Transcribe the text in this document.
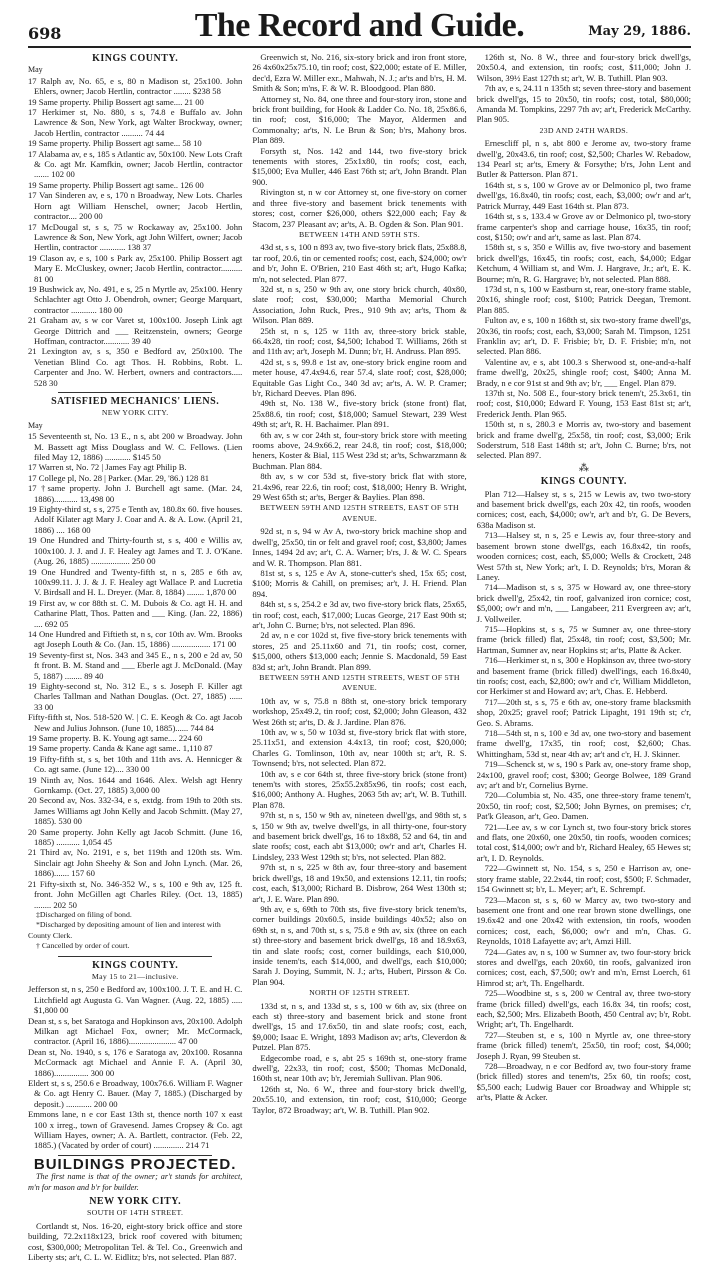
698	The Record and Guide.	May 29, 1886.
KINGS COUNTY.

May

17 Ralph av, No. 65, e s, 80 n Madison st, 25x100. John Ehlers, owner; Jacob Hertlin, contractor ........ $238 58

19 Same property. Philip Bossert agt same.... 21 00

17 Herkimer st, No. 880, s s, 74.8 e Buffalo av. John Lawrence & Son, New York, agt Walter Brockway, owner; Jacob Hertlin, contractor .......... 74 44

19 Same property. Philip Bossert agt same... 58 10

17 Alabama av, e s, 185 s Atlantic av, 50x100. New Lots Craft & Co. agt Mr. Kamfkin, owner; Jacob Hertlin, contractor ....... 102 00

19 Same property. Philip Bossert agt same.. 126 00

17 Van Sinderen av, e s, 170 n Broadway, New Lots. Charles Horn agt William Henschel, owner; Jacob Hertlin, contractor.... 200 00

17 McDougal st, s s, 75 w Rockaway av, 25x100. John Lawrence & Son, New York, agt John Wilfert, owner; Jacob Hertlin, contractor ............ 138 37

19 Clason av, e s, 100 s Park av, 25x100. Philip Bossert agt Mary E. McCluskey, owner; Jacob Hertlin, contractor.......... 81 00

19 Bushwick av, No. 491, e s, 25 n Myrtle av, 25x100. Henry Schlachter agt Otto J. Obendroh, owner; George Marquart, contractor ............ 180 00

21 Graham av, s w cor Varet st, 100x100. Joseph Link agt George Dittrich and ___ Reitzenstein, owners; George Hoffman, contractor............ 39 40

21 Lexington av, s s, 350 e Bedford av, 250x100. The Venetian Blind Co. agt Thos. H. Robbins, Robt. L. Carpenter and Jno. W. Herbert, owners and contractors..... 528 30

SATISFIED MECHANICS' LIENS.
NEW YORK CITY.

May

15 Seventeenth st, No. 13 E., n s, abt 200 w Broadway. John M. Bassett agt Miss Douglass and W. C. Fellows. (Lien filed May 12, 1886) ............ $145 50

17 Warren st, No. 72 | James Fay agt Philip B.

17 College pl, No. 28 | Parker. (Mar. 29, '86.) 128 81

17 †same property. John J. Burchell agt same. (Mar. 24, 1886)........... 13,498 00

19 Eighty-third st, s s, 275 e Tenth av, 180.8x 60. five houses. Adolf Kilater agt Mary J. Coar and A. & A. Low. (April 21, 1886) .... 168 00

19 One Hundred and Thirty-fourth st, s s, 400 e Willis av, 100x100. J. J. and J. F. Healey agt James and T. J. O'Kane. (Aug. 26, 1885) .................. 250 00

19 One Hundred and Twenty-fifth st, n s, 285 e 6th av, 100x99.11. J. J. & J. F. Healey agt Wallace P. and Lucretia V. Birdsall and H. L. Dreyer. (Mar. 8, 1884) ........ 1,870 00

19 First av, w cor 88th st. C. M. Dubois & Co. agt H. H. and Catharine Platt, Thos. Patten and ___ King. (Jan. 22, 1886) .... 692 05

14 One Hundred and Fiftieth st, n s, cor 10th av. Wm. Brooks agt Joseph Louth & Co. (Jan. 15, 1886) .................. 171 00

19 Seventy-first st, Nos. 343 and 345 E., n s, 200 e 2d av, 50 ft front. B. M. Stand and ___ Eberle agt J. McDonald. (May 5, 1887) ........ 89 40

19 Eighty-second st, No. 312 E., s s. Joseph F. Killer agt Charles Tallman and Nathan Douglas. (Oct. 27, 1885) ...... 33 00

Fifty-fifth st, Nos. 518-520 W. | C. E. Keogh & Co. agt Jacob New and Julius Johnson. (June 10, 1885)...... 744 84

19 Same property. B. K. Young agt same.... 224 60

19 Same property. Canda & Kane agt same.. 1,110 87

19 Fifty-fifth st, s s, bet 10th and 11th avs. A. Hennicger & Co. agt same. (June 12).... 330 00

19 Ninth av, Nos. 1644 and 1646. Alex. Welsh agt Henry Gornkamp. (Oct. 27, 1885) 3,000 00

20 Second av, Nos. 332-34, e s, extdg. from 19th to 20th sts. James Williams agt John Kelly and Jacob Schmitt. (May 27, 1885). 530 00

20 Same property. John Kelly agt Jacob Schmitt. (June 16, 1885) ........... 1,054 45

21 Third av, No. 2191, e s, bet 119th and 120th sts. Wm. Sinclair agt John Sheehy & Son and John Lynch. (Mar. 26, 1886)....... 157 60

21 Fifty-sixth st, No. 346-352 W., s s, 100 e 9th av, 125 ft. front. John McGillen agt Charles Riley. (Oct. 13, 1885) ........ 202 50

‡Discharged on filing of bond.

*Discharged by depositing amount of lien and interest with County Clerk.

† Cancelled by order of court.

KINGS COUNTY.
May 15 to 21—inclusive.

Jefferson st, n s, 250 e Bedford av, 100x100. J. T. E. and H. C. Litchfield agt Augusta G. Van Wagner. (Aug. 22, 1885) ..... $1,800 00

Dean st, s s, bet Saratoga and Hopkinson avs, 20x100. Adolph Milkan agt Michael Fox, owner; Mr. McCormack, contractor. (April 16, 1886)...................... 47 00

Dean st, No. 1940, s s, 176 e Saratoga av, 20x100. Rosanna McCormack agt Michael and Annie F. A. (April 30, 1886)................ 300 00

Eldert st, s s, 250.6 e Broadway, 100x76.6. William F. Wagner & Co. agt Henry C. Bauer. (May 7, 1885.) (Discharged by deposit.) ............ 200 00

Emmons lane, n e cor East 13th st, thence north 107 x east 100 x irreg., town of Gravesend. James Cropsey & Co. agt William Hayes, owner; A. A. Bartlett, contractor. (Feb. 22, 1885.) (Vacated by order of court) .............. 214 71

BUILDINGS PROJECTED.

The first name is that of the owner; ar't stands for architect, m'n for mason and b'r for builder.

NEW YORK CITY.
SOUTH OF 14TH STREET.

Cortlandt st, Nos. 16-20, eight-story brick office and store building, 72.2x118x123, brick roof covered with bitumen; cost, $300,000; Metropolitan Tel. & Tel. Co., Greenwich and Liberty sts; ar't, C. L. W. Eidlitz; b'rs, not selected. Plan 887.

Greenwich st, No. 216, six-story brick and iron front store, 26 4x60x25x75.10, tin roof; cost, $22,000; estate of E. Miller, dec'd, Ezra W. Miller exr., Mahwah, N. J.; ar'ts and b'rs, H. M. Smith & Son; m'ns, F. & W. R. Bloodgood. Plan 880.

Attorney st, No. 84, one three and four-story iron, stone and brick front building, for Hook & Ladder Co. No. 18, 25x86.6, tin roof; cost, $16,000; The Mayor, Aldermen and Commonalty; ar'ts, N. Le Brun & Son; b'rs, Mahony bros. Plan 889.

Forsyth st, Nos. 142 and 144, two five-story brick tenements with stores, 25x1x80, tin roofs; cost, each, $15,000; Eva Muller, 446 East 76th st; ar't, John Brandt. Plan 900.

Rivington st, n w cor Attorney st, one five-story on corner and three five-story and basement brick tenements with stores; cost, corner $26,000, others $22,000 each; Fay & Stacom, 237 Pleasant av; ar'ts, A. B. Ogden & Son. Plan 901.

BETWEEN 14TH AND 59TH STS.

43d st, s s, 100 n 893 av, two five-story brick flats, 25x88.8, tar roof, 20.6, tin or cemented roofs; cost, each, $24,000; ow'r and b'r, John E. O'Brien, 210 East 46th st; ar't, Hugo Kafka; m'n, not selected. Plan 877.

32d st, n s, 250 w 9th av, one story brick church, 40x80, slate roof; cost, $30,000; Martha Memorial Church Association, John Ruck, Pres., 910 9th av; ar'ts, Thom & Wilson. Plan 889.

25th st, n s, 125 w 11th av, three-story brick stable, 66.4x28, tin roof; cost, $4,500; Ichabod T. Williams, 26th st and 11th av; ar't, Joseph M. Dunn; b'r, H. Andruss. Plan 895.

42d st, s s, 99.8 e 1st av, one-story brick engine room and meter house, 47.4x94.6, rear 57.4, slate roof; cost, $28,000; Equitable Gas Light Co., 340 3d av; ar'ts, A. W. P. Cramer; b'r, Richard Deeves. Plan 896.

49th st, No. 138 W., five-story brick (stone front) flat, 25x88.6, tin roof; cost, $18,000; Samuel Stewart, 239 West 49th st; ar't, R. H. Bachaimer. Plan 891.

6th av, s w cor 24th st, four-story brick store with meeting rooms above, 24.9x66.2, rear 24.8, tin roof; cost, $18,000; heners, Koster & Bial, 115 West 23d st; ar'ts, Schwarzmann & Buchman. Plan 884.

8th av, s w cor 53d st, five-story brick flat with store, 21.4x96, rear 22.6, tin roof; cost, $18,000; Henry B. Wright, 29 West 65th st; ar'ts, Berger & Baylies. Plan 898.

BETWEEN 59TH AND 125TH STREETS, EAST OF 5TH AVENUE.

92d st, n s, 94 w Av A, two-story brick machine shop and dwell'g, 25x50, tin or felt and gravel roof; cost, $3,800; James Innes, 1494 2d av; ar't, C. A. Warner; b'rs, J. & W. C. Spears and W. R. Thompson. Plan 881.

81st st, s s, 125 e Av A, stone-cutter's shed, 15x 65; cost, $100; Morris & Cahill, on premises; ar't, J. H. Friend. Plan 894.

84th st, s s, 254.2 e 3d av, two five-story brick flats, 25x65, tin roof; cost, each, $17,000; Lucas George, 217 East 90th st; ar't, John C. Burne; b'rs, not selected. Plan 896.

2d av, n e cor 102d st, five five-story brick tenements with stores, 25 and 25.11x60 and 71, tin roofs; cost, corner, $15,000, others $13,000 each; Jennie S. Macdonald, 59 East 83d st; ar't, John Brandt. Plan 899.

BETWEEN 59TH AND 125TH STREETS, WEST OF 5TH AVENUE.

10th av, w s, 75.8 n 88th st, one-story brick temporary workshop, 25x49.2, tin roof; cost, $2,000; John Gleason, 432 West 26th st; ar'ts, D. & J. Jardine. Plan 876.

10th av, w s, 50 w 103d st, five-story brick flat with store, 25.11x51, and extension 4.4x13, tin roof; cost, $20,000; Charles G. Tomlinson, 10th av, near 100th st; ar't, R. S. Townsend; b'rs, not selected. Plan 872.

10th av, s e cor 64th st, three five-story brick (stone front) tenem'ts with stores, 25x55.2x85x96, tin roofs; cost each, $16,000; Anthony A. Hughes, 2063 5th av; ar't, W. B. Tuthill. Plan 878.

97th st, n s, 150 w 9th av, nineteen dwell'gs, and 98th st, s s, 150 w 9th av, twelve dwell'gs, in all thirty-one, four-story and basement brick dwell'gs, 16 to 18x88, 52 and 64, tin and slate roofs; cost, each abt $13,000; ow'r and ar't, Charles H. Lindsley, 233 West 129th st; b'rs, not selected. Plan 882.

97th st, n s, 225 w 8th av, four three-story and basement brick dwell'gs, 18 and 19x50, and extensions 12.11, tin roofs; cost, each, $13,000; Richard B. Disbrow, 264 West 130th st; ar't, J. E. Ware. Plan 890.

9th av, e s, 69th to 70th sts, five five-story brick tenem'ts, corner buildings 20x60.5, inside buildings 40x52; also on 69th st, n s, and 70th st, s s, 75.8 e 9th av, six (three on each st) three-story and basement brick dwell'gs, 18 and 18.9x63, tin and slate roofs; cost, corner buildings, each $10,000, inside tenem'ts, each $14,000, and dwell'gs, each $10,000; Sarah J. Doying, Summit, N. J.; ar'ts, Hubert, Pirsson & Co. Plan 904.

NORTH OF 125TH STREET.

133d st, n s, and 133d st, s s, 100 w 6th av, six (three on each st) three-story and basement brick and stone front dwell'gs, 15 and 17.6x50, tin and slate roofs; cost, each, $9,000; Isaac E. Wright, 1893 Madison av; ar'ts, Cleverdon & Putzel. Plan 875.

Edgecombe road, e s, abt 25 s 169th st, one-story frame dwell'g, 22x33, tin roof; cost, $500; Thomas McDonald, 160th st, near 10th av; b'r, Jeremiah Sullivan. Plan 906.

126th st, No. 6 W., three and four-story brick dwell'g, 20x55.10, and extension, tin roof; cost, $10,000; George Taylor, 872 Broadway; ar't, W. B. Tuthill. Plan 902.

126th st, No. 8 W., three and four-story brick dwell'gs, 20x50.4, and extension, tin roofs; cost, $11,000; John J. Wilson, 39½ East 127th st; ar't, W. B. Tuthill. Plan 903.

7th av, e s, 24.11 n 135th st; seven three-story and basement brick dwell'gs, 15 to 20x50, tin roofs; cost, total, $80,000; Amanda M. Tompkins, 2297 7th av; ar't, Frederick McCarthy. Plan 905.

23D AND 24TH WARDS.

Ernescliff pl, n s, abt 800 e Jerome av, two-story frame dwell'g, 20x43.6, tin roof; cost, $2,500; Charles W. Rebadow, 134 Pearl st; ar'ts, Emery & Forsythe; b'rs, John Lent and Butler & Patterson. Plan 871.

164th st, s s, 100 w Grove av or Delmonico pl, two frame dwell'gs, 16.8x40, tin roofs; cost, each, $3,000; ow'r and ar't, Patrick Murray, 449 East 164th st. Plan 873.

164th st, s s, 133.4 w Grove av or Delmonico pl, two-story frame carpenter's shop and carriage house, 16x35, tin roof; cost, $150; ow'r and ar't, same as last. Plan 874.

158th st, s s, 350 e Willis av, five two-story and basement brick dwell'gs, 16x45, tin roofs; cost, each, $4,000; Edgar Ketchum, 4 William st, and Wm. J. Hargrave, Jr.; ar't, E. K. Bourne; m'n, R. G. Hargrave; b'r, not selected. Plan 888.

173d st, n s, 100 w Eastburn st, rear, one-story frame stable, 20x16, shingle roof; cost, $100; Patrick Deegan, Tremont. Plan 885.

Fulton av, e s, 100 n 168th st, six two-story frame dwell'gs, 20x36, tin roofs; cost, each, $3,000; Sarah M. Timpson, 1251 Franklin av; ar't, D. F. Frisbie; b'r, D. F. Frisbie; m'n, not selected. Plan 886.

Valentine av, e s, abt 100.3 s Sherwood st, one-and-a-half frame dwell'g, 20x25, shingle roof; cost, $400; Anna M. Brady, n e cor 91st st and 9th av; b'r, ___ Engel. Plan 879.

137th st, No. 508 E., four-story brick tenem't, 25.3x61, tin roof; cost, $10,000; Edward F. Young, 153 East 81st st; ar't, Frederick Jenth. Plan 965.

150th st, n s, 280.3 e Morris av, two-story and basement brick and frame dwell'g, 25x58, tin roof; cost, $3,000; Erik Soderstrum, 518 East 148th st; ar't, John C. Burne; b'rs, not selected. Plan 897.

⁂
KINGS COUNTY.

Plan 712—Halsey st, s s, 215 w Lewis av, two two-story and basement brick dwell'gs, each 20x 42, tin roofs, wooden cornices; cost, each, $4,000; ow'r, ar't and b'r, G. De Bevers, 638a Madison st.

713—Halsey st, n s, 25 e Lewis av, four three-story and basement brown stone dwell'gs, each 16.8x42, tin roofs, wooden cornices; cost, each, $5,000; Wells & Crockett, 248 West 57th st, New York; ar't, I. D. Reynolds; b'rs, Moran & Laney.

714—Madison st, s s, 375 w Howard av, one three-story brick dwell'g, 25x42, tin roof, galvanized iron cornice; cost, $5,000; ow'r and m'n, ___ Langabeer, 211 Evergreen av; ar't, J. Vollweiler.

715—Hopkins st, s s, 75 w Sumner av, one three-story frame (brick filled) flat, 25x48, tin roof; cost, $3,500; Mr. Hartman, Sumner av, near Hopkins st; ar'ts, Platte & Acker.

716—Herkimer st, n s, 300 e Hopkinson av, three two-story and basement frame (brick filled) dwell'ings, each 16.8x40, tin roofs; cost, each, $2,800; ow'r and c'r, William Middleton, cor Herkimer st and Howard av; ar't, Chas. E. Hebberd.

717—20th st, s s, 75 e 6th av, one-story frame blacksmith shop, 20x25; gravel roof; Patrick Lipaght, 191 19th st; c'r, Geo. S. Abrams.

718—54th st, n s, 100 e 3d av, one two-story and basement frame dwell'g, 17x35, tin roof; cost, $2,600; Chas. Whittingham, 53d st, near 4th av; ar't and c'r, H. J. Skinner.

719—Schenck st, w s, 190 s Park av, one-story frame shop, 24x100, gravel roof; cost, $300; George Bolwee, 189 Grand av; ar't and b'r, Cornelius Byrne.

720—Columbia st, No. 435, one three-story frame tenem't, 20x50, tin roof; cost, $2,500; John Byrnes, on premises; c'r, Pat'k Gleason, ar't, Geo. Damen.

721—Lee av, s w cor Lynch st, two four-story brick stores and flats, one 20x60, one 20x50, tin roofs, wooden cornices; total cost, $14,000; ow'r and b'r, Richard Healey, 65 Hewes st; ar't, I. D. Reynolds.

722—Gwinnett st, No. 154, s s, 250 e Harrison av, one-story frame stable, 22.2x44, tin roof; cost, $500; F. Schmader, 154 Gwinnett st; b'r, L. Meyer; ar't, E. Schrempf.

723—Macon st, s s, 60 w Marcy av, two two-story and basement one front and one rear brown stone dwellings, one 19.6x42 and one 20x42 with extension, tin roofs, wooden cornices; cost, each, $6,000; ow'r and m'n, Chas. G. Reynolds, 1018 Lafayette av; ar't, Amzi Hill.

724—Gates av, n s, 100 w Sumner av, two four-story brick stores and dwell'gs, each 20x60, tin roofs, galvanized iron cornices; cost, each, $7,500; ow'r and m'n, Ernst Loerch, 61 Himrod st; ar't, Th. Engelhardt.

725—Woodbine st, s s, 200 w Central av, three two-story frame (brick filled) dwell'gs, each 16.8x 34, tin roofs; cost, each, $2,500; Mrs. Elizabeth Booth, 450 Central av; b'r, Robt. Wright; ar't, Th. Engelhardt.

727—Steuben st, e s, 100 n Myrtle av, one three-story frame (brick filled) tenem't, 25x50, tin roof; cost, $4,000; Joseph J. Ryan, 99 Steuben st.

728—Broadway, n e cor Bedford av, two four-story frame (brick filled) stores and tenem'ts, 25x 60, tin roofs; cost, $5,500 each; Ludwig Bauer cor Broadway and Whipple st; ar'ts, Platte & Acker.
